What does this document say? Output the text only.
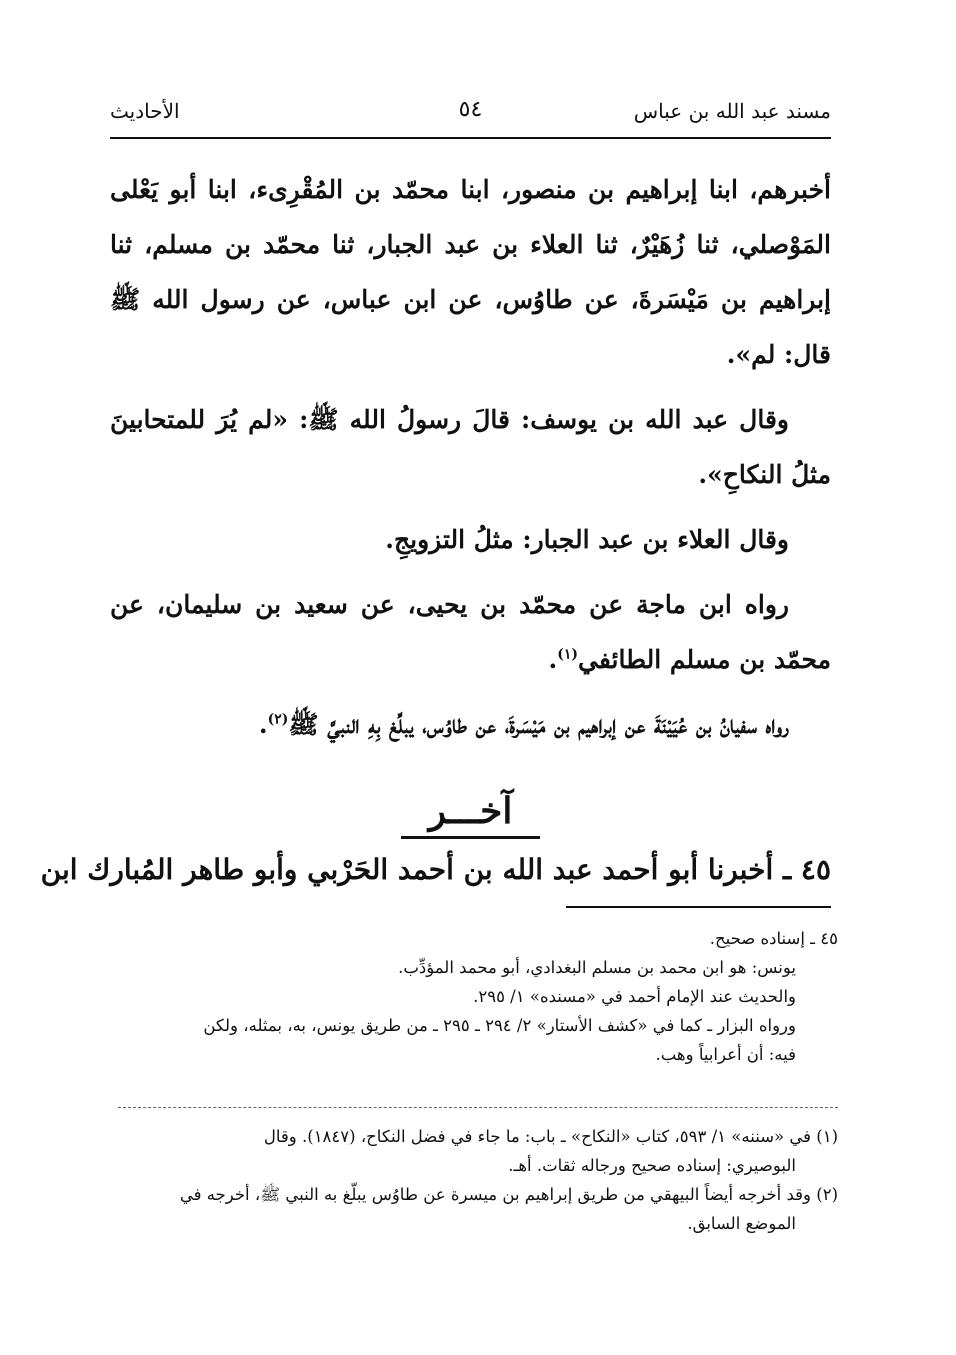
مسند عبد الله بن عباس
٥٤
الأحاديث

أخبرهم، ابنا إبراهيم بن منصور، ابنا محمّد بن المُقْرِىء، ابنا أبو يَعْلى المَوْصلي، ثنا زُهَيْرٌ، ثنا العلاء بن عبد الجبار، ثنا محمّد بن مسلم، ثنا إبراهيم بن مَيْسَرةَ، عن طاوُس، عن ابن عباس، عن رسول الله ﷺ قال: لم».

وقال عبد الله بن يوسف: قالَ رسولُ الله ﷺ: «لم يُرَ للمتحابينَ مثلُ النكاحِ».

وقال العلاء بن عبد الجبار: مثلُ التزويجِ.

رواه ابن ماجة عن محمّد بن يحيى، عن سعيد بن سليمان، عن محمّد بن مسلم الطائفي$^{(١)}$.

رواه سفيانُ بن عُيَيْنَةَ عن إبراهيم بن مَيْسَرةَ، عن طاوُس، يبلِّغ بِهِ النبيَّ ﷺ$^{(٢)}$.

آخـــر
٤٥ ـ أخبرنا أبو أحمد عبد الله بن أحمد الحَرْبي وأبو طاهر المُبارك ابن
٤٥ ـ إسناده صحيح.
يونس: هو ابن محمد بن مسلم البغدادي، أبو محمد المؤدِّب.
والحديث عند الإمام أحمد في «مسنده» ١/ ٢٩٥.
ورواه البزار ـ كما في «كشف الأستار» ٢/ ٢٩٤ ـ ٢٩٥ ـ من طريق يونس، به، بمثله، ولكن
فيه: أن أعرابياً وهب.
(١) في «سننه» ١/ ٥٩٣، كتاب «النكاح» ـ باب: ما جاء في فضل النكاح، (١٨٤٧). وقال
البوصيري: إسناده صحيح ورجاله ثقات. أهـ.
(٢) وقد أخرجه أيضاً البيهقي من طريق إبراهيم بن ميسرة عن طاوُس يبلّغ به النبي ﷺ، أخرجه في
الموضع السابق.
